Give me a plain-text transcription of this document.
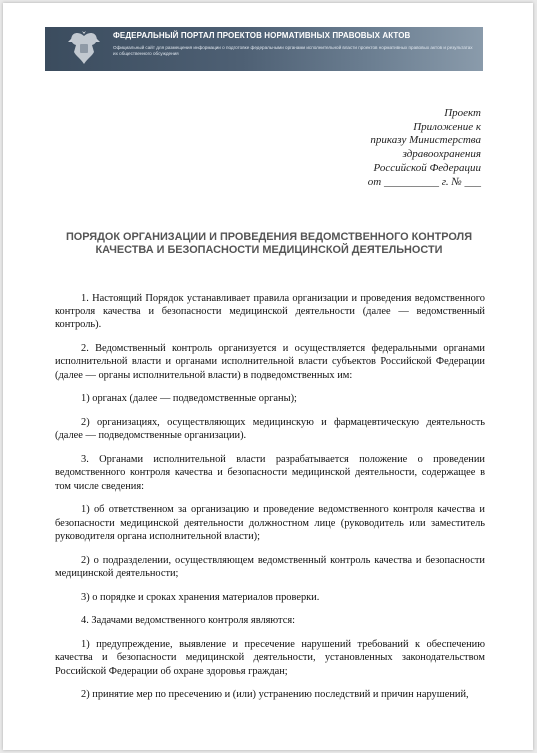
ФЕДЕРАЛЬНЫЙ ПОРТАЛ ПРОЕКТОВ НОРМАТИВНЫХ ПРАВОВЫХ АКТОВ
Официальный сайт для размещения информации о подготовке федеральными органами исполнительной власти проектов нормативных правовых актов и результатах их общественного обсуждения
Проект
Приложение к
приказу Министерства
здравоохранения
Российской Федерации
от __________ г. № ___
ПОРЯДОК ОРГАНИЗАЦИИ И ПРОВЕДЕНИЯ ВЕДОМСТВЕННОГО КОНТРОЛЯ КАЧЕСТВА И БЕЗОПАСНОСТИ МЕДИЦИНСКОЙ ДЕЯТЕЛЬНОСТИ

1. Настоящий Порядок устанавливает правила организации и проведения ведомственного контроля качества и безопасности медицинской деятельности (далее — ведомственный контроль).

2. Ведомственный контроль организуется и осуществляется федеральными органами исполнительной власти и органами исполнительной власти субъектов Российской Федерации (далее — органы исполнительной власти) в подведомственных им:

1) органах (далее — подведомственные органы);

2) организациях, осуществляющих медицинскую и фармацевтическую деятельность (далее — подведомственные организации).

3. Органами исполнительной власти разрабатывается положение о проведении ведомственного контроля качества и безопасности медицинской деятельности, содержащее в том числе сведения:

1) об ответственном за организацию и проведение ведомственного контроля качества и безопасности медицинской деятельности должностном лице (руководитель или заместитель руководителя органа исполнительной власти);

2) о подразделении, осуществляющем ведомственный контроль качества и безопасности медицинской деятельности;

3) о порядке и сроках хранения материалов проверки.

4. Задачами ведомственного контроля являются:

1) предупреждение, выявление и пресечение нарушений требований к обеспечению качества и безопасности медицинской деятельности, установленных законодательством Российской Федерации об охране здоровья граждан;

2) принятие мер по пресечению и (или) устранению последствий и причин нарушений,
